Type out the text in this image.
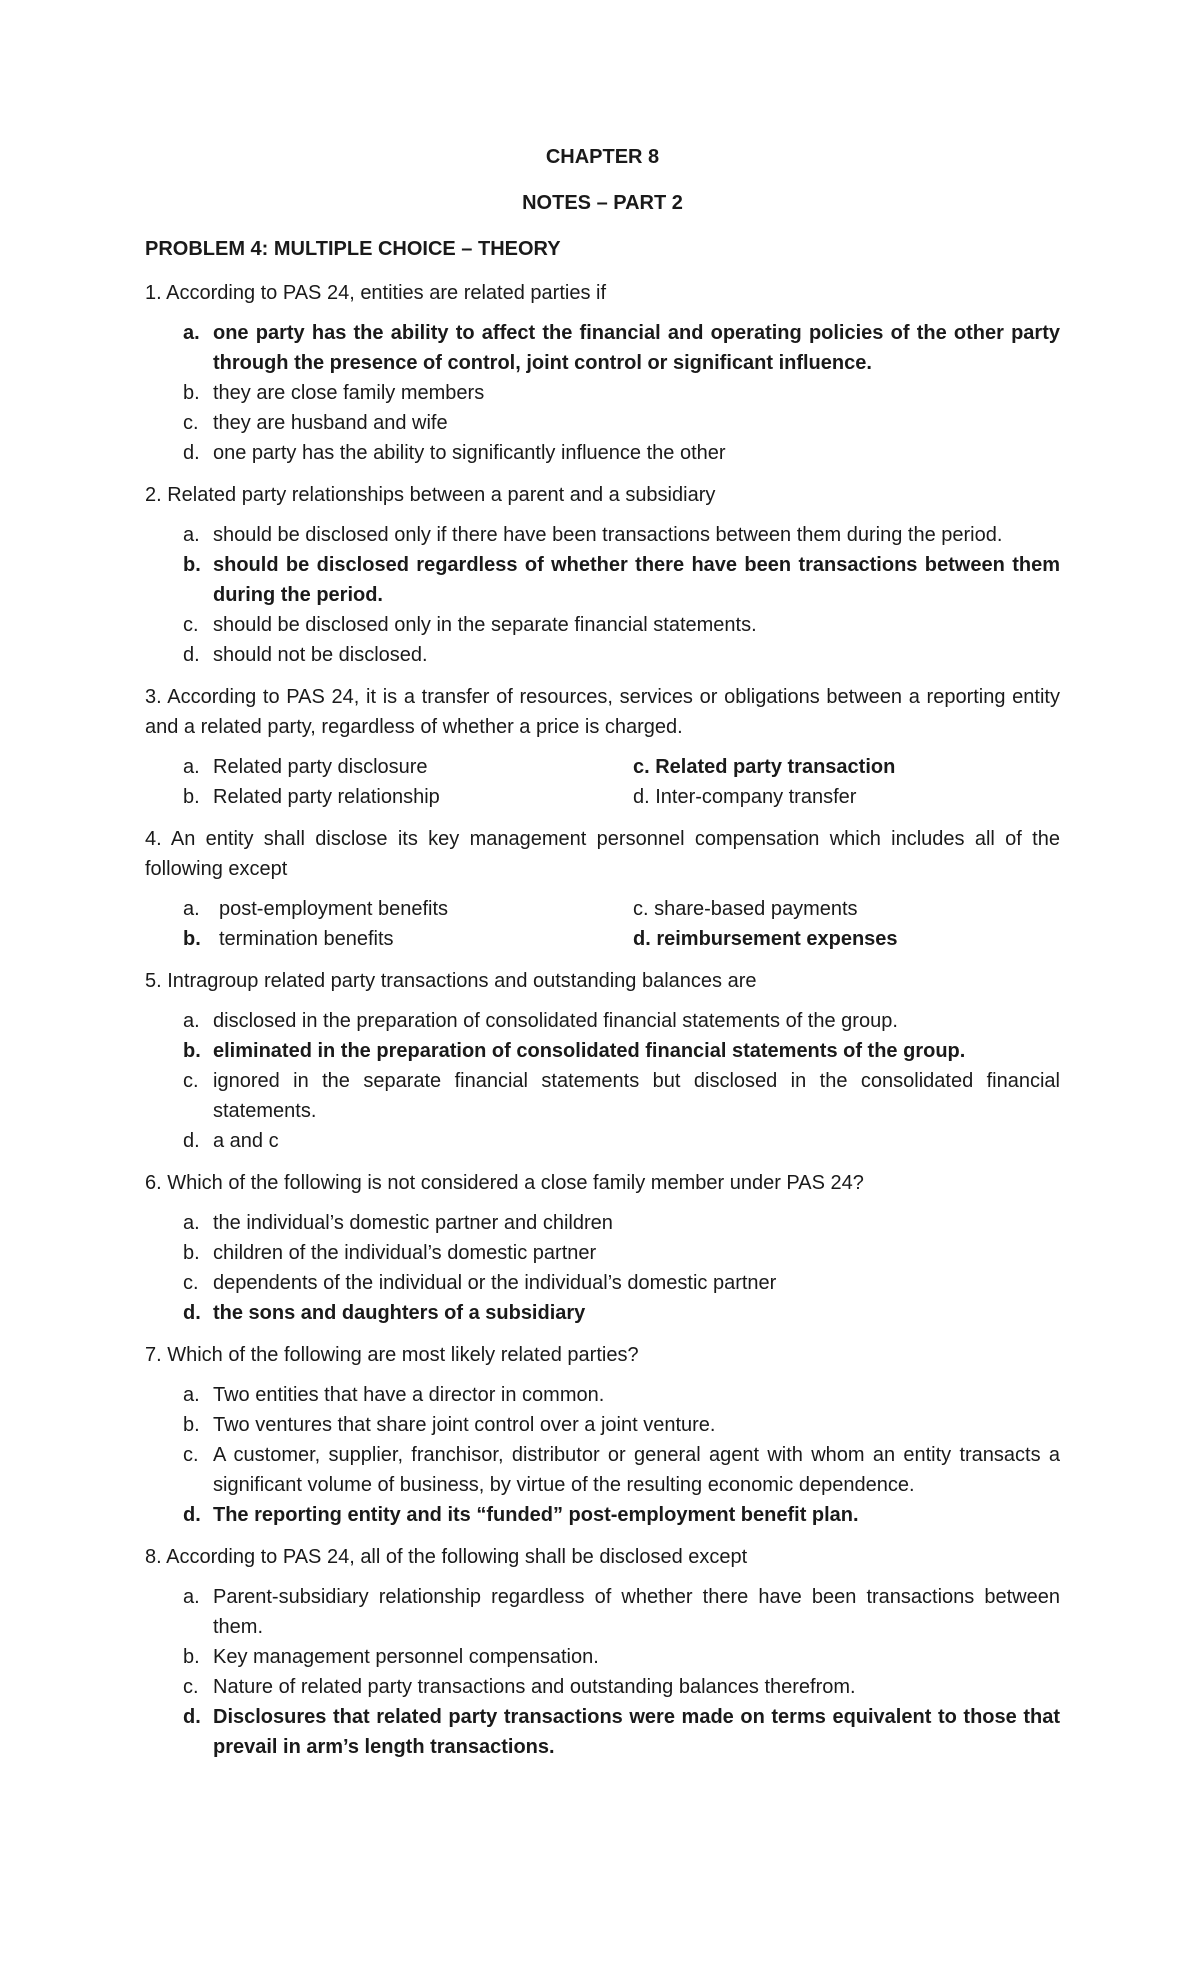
CHAPTER 8
NOTES – PART 2
PROBLEM 4: MULTIPLE CHOICE – THEORY
1. According to PAS 24, entities are related parties if
a. one party has the ability to affect the financial and operating policies of the other party through the presence of control, joint control or significant influence.
b. they are close family members
c. they are husband and wife
d. one party has the ability to significantly influence the other
2. Related party relationships between a parent and a subsidiary
a. should be disclosed only if there have been transactions between them during the period.
b. should be disclosed regardless of whether there have been transactions between them during the period.
c. should be disclosed only in the separate financial statements.
d. should not be disclosed.
3. According to PAS 24, it is a transfer of resources, services or obligations between a reporting entity and a related party, regardless of whether a price is charged.
a. Related party disclosure	c. Related party transaction
b. Related party relationship	d. Inter-company transfer
4. An entity shall disclose its key management personnel compensation which includes all of the following except
a. post-employment benefits	c. share-based payments
b. termination benefits	d. reimbursement expenses
5. Intragroup related party transactions and outstanding balances are
a. disclosed in the preparation of consolidated financial statements of the group.
b. eliminated in the preparation of consolidated financial statements of the group.
c. ignored in the separate financial statements but disclosed in the consolidated financial statements.
d. a and c
6. Which of the following is not considered a close family member under PAS 24?
a. the individual’s domestic partner and children
b. children of the individual’s domestic partner
c. dependents of the individual or the individual’s domestic partner
d. the sons and daughters of a subsidiary
7. Which of the following are most likely related parties?
a. Two entities that have a director in common.
b. Two ventures that share joint control over a joint venture.
c. A customer, supplier, franchisor, distributor or general agent with whom an entity transacts a significant volume of business, by virtue of the resulting economic dependence.
d. The reporting entity and its “funded” post-employment benefit plan.
8. According to PAS 24, all of the following shall be disclosed except
a. Parent-subsidiary relationship regardless of whether there have been transactions between them.
b. Key management personnel compensation.
c. Nature of related party transactions and outstanding balances therefrom.
d. Disclosures that related party transactions were made on terms equivalent to those that prevail in arm’s length transactions.
